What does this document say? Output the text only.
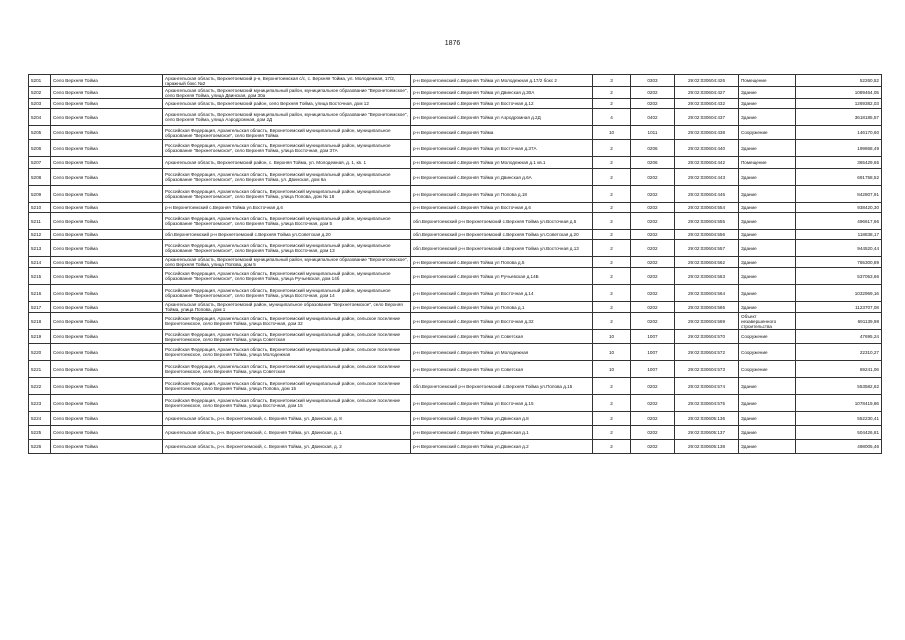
1876
5201	Село Верхняя Тойма	Архангельская область, Верхнетоемский р-н, Верхнетоемская с/с, с. Верхняя Тойма, ул. Молодежная, 17/2, гаражный бокс №2	р-н Верхнетоемский с.Верхняя Тойма ул Молодежная д.17/2 бокс 2	3	0303	29:02:030604:426	Помещение	52260,52
5202	Село Верхняя Тойма	Архангельская область, Верхнетоемский муниципальный район, муниципальное образование "Верхнетоемское", село Верхняя Тойма, улица Двинская, дом 30а	р-н Верхнетоемский с.Верхняя Тойма ул Двинская д.30А	2	0202	29:02:030604:427	Здание	1089464,05
5203	Село Верхняя Тойма	Архангельская область, Верхнетоемский район, село Верхняя Тойма, улица Восточная, дом 12	р-н Верхнетоемский с.Верхняя Тойма ул Восточная д.12	2	0202	29:02:030604:432	Здание	1269382,03
5204	Село Верхняя Тойма	Архангельская область, Верхнетоемский муниципальный район, муниципальное образование "Верхнетоемское", село Верхняя Тойма, улица Аэродромная, дом 2Д	р-н Верхнетоемский с.Верхняя Тойма ул Аэродромная д.2Д	4	0402	29:02:030604:437	Здание	3618185,57
5205	Село Верхняя Тойма	Российская Федерация, Архангельская область, Верхнетоемский муниципальный район, муниципальное образование "Верхнетоемское", село Верхняя Тойма	р-н Верхнетоемский с.Верхняя Тойма	10	1011	29:02:030604:438	Сооружение	146170,60
5206	Село Верхняя Тойма	Российская Федерация, Архангельская область, Верхнетоемский муниципальный район, муниципальное образование "Верхнетоемское", село Верхняя Тойма, улица Восточная, дом 37А	р-н Верхнетоемский с.Верхняя Тойма ул Восточная д.37А	2	0206	29:02:030604:440	Здание	199868,49
5207	Село Верхняя Тойма	Архангельская область, Верхнетоемский район, с. Верхняя Тойма, ул. Молодежная, д. 1, кв. 1	р-н Верхнетоемский с.Верхняя Тойма ул Молодежная д.1 кв.1	2	0206	29:02:030604:442	Помещение	365429,65
5208	Село Верхняя Тойма	Российская Федерация, Архангельская область, Верхнетоемский муниципальный район, муниципальное образование "Верхнетоемское", село Верхняя Тойма, ул. Двинская, дом 6а	р-н Верхнетоемский с.Верхняя Тойма ул Двинская д.6А	2	0202	29:02:030604:443	Здание	691758,52
5209	Село Верхняя Тойма	Российская Федерация, Архангельская область, Верхнетоемский муниципальный район, муниципальное образование "Верхнетоемское", село Верхняя Тойма, улица Попова, дом № 18	р-н Верхнетоемский с.Верхняя Тойма ул Попова д.18	2	0202	29:02:030604:446	Здание	842807,91
5210	Село Верхняя Тойма	р-н Верхнетоемский с.Верхняя Тойма ул.Восточная д.6	р-н Верхнетоемский с.Верхняя Тойма ул Восточная д.6	2	0202	29:02:030604:554	Здание	938420,30
5211	Село Верхняя Тойма	Российская Федерация, Архангельская область, Верхнетоемский муниципальный район, муниципальное образование "Верхнетоемское", село Верхняя Тойма, улица Восточная, дом 5	обл.Верхнетоемский р-н Верхнетоемский с.Верхняя Тойма ул.Восточная д.5	2	0202	29:02:030604:555	Здание	496617,66
5212	Село Верхняя Тойма	обл.Верхнетоемский р-н Верхнетоемский с.Верхняя Тойма ул.Советская д.20	обл.Верхнетоемский р-н Верхнетоемский с.Верхняя Тойма ул.Советская д.20	2	0202	29:02:030604:556	Здание	118838,17
5213	Село Верхняя Тойма	Российская Федерация, Архангельская область, Верхнетоемский муниципальный район, муниципальное образование "Верхнетоемское", село Верхняя Тойма, улица Восточная, дом 13	обл.Верхнетоемский р-н Верхнетоемский с.Верхняя Тойма ул.Восточная д.13	2	0202	29:02:030604:557	Здание	944520,44
5214	Село Верхняя Тойма	Архангельская область, Верхнетоемский муниципальный район, муниципальное образование "Верхнетоемское", село Верхняя Тойма, улица Попова, дом 5	р-н Верхнетоемский с.Верхняя Тойма ул Попова д.5	2	0202	29:02:030604:562	Здание	765300,89
5215	Село Верхняя Тойма	Российская Федерация, Архангельская область, Верхнетоемский муниципальный район, муниципальное образование "Верхнетоемское", село Верхняя Тойма, улица Ручьевская, дом 14б	р-н Верхнетоемский с.Верхняя Тойма ул Ручьевская д.14Б	2	0202	29:02:030604:563	Здание	537053,66
5216	Село Верхняя Тойма	Российская Федерация, Архангельская область, Верхнетоемский муниципальный район, муниципальное образование "Верхнетоемское", село Верхняя Тойма, улица Восточная, дом 14	р-н Верхнетоемский с.Верхняя Тойма ул Восточная д.14	2	0202	29:02:030604:564	Здание	1032969,16
5217	Село Верхняя Тойма	Архангельская область, Верхнетоемский район, муниципальное образование "Верхнетоемское", село Верхняя Тойма, улица Попова, дом 1	р-н Верхнетоемский с.Верхняя Тойма ул Попова д.1	2	0202	29:02:030604:565	Здание	1123707,08
5218	Село Верхняя Тойма	Российская Федерация, Архангельская область, Верхнетоемский муниципальный район, сельское поселение Верхнетоемское, село Верхняя Тойма, улица Восточная, дом 32	р-н Верхнетоемский с.Верхняя Тойма ул Восточная д.32	2	0202	29:02:030604:569	Объект незавершенного строительства	691139,98
5219	Село Верхняя Тойма	Российская Федерация, Архангельская область, Верхнетоемский муниципальный район, сельское поселение Верхнетоемское, село Верхняя Тойма, улица Советская	р-н Верхнетоемский с.Верхняя Тойма ул Советская	10	1007	29:02:030604:570	Сооружение	47695,24
5220	Село Верхняя Тойма	Российская Федерация, Архангельская область, Верхнетоемский муниципальный район, сельское поселение Верхнетоемское, село Верхняя Тойма, улица Молодежная	р-н Верхнетоемский с.Верхняя Тойма ул Молодежная	10	1007	29:02:030604:572	Сооружение	22310,27
5221	Село Верхняя Тойма	Российская Федерация, Архангельская область, Верхнетоемский муниципальный район, сельское поселение Верхнетоемское, село Верхняя Тойма, улица Советская	р-н Верхнетоемский с.Верхняя Тойма ул Советская	10	1007	29:02:030604:573	Сооружение	69241,06
5222	Село Верхняя Тойма	Российская Федерация, Архангельская область, Верхнетоемский муниципальный район, сельское поселение Верхнетоемское, село Верхняя Тойма, улица Попова, дом 15	обл.Верхнетоемский р-н Верхнетоемский с.Верхняя Тойма ул.Попова д.15	2	0202	29:02:030604:574	Здание	553582,62
5223	Село Верхняя Тойма	Российская Федерация, Архангельская область, Верхнетоемский муниципальный район, сельское поселение Верхнетоемское, село Верхняя Тойма, улица Восточная, дом 15	р-н Верхнетоемский с.Верхняя Тойма ул Восточная д.15	2	0202	29:02:030604:575	Здание	1078419,86
5224	Село Верхняя Тойма	Архангельская область, р-н. Верхнетоемский, с. Верхняя Тойма, ул. Двинская, д. 8	р-н Верхнетоемский с.Верхняя Тойма ул.Двинская д.8	2	0202	29:02:030605:136	Здание	552230,41
5225	Село Верхняя Тойма	Архангельская область, р-н. Верхнетоемский, с. Верхняя Тойма, ул. Двинская, д. 1	р-н Верхнетоемский с.Верхняя Тойма ул.Двинская д.1	2	0202	29:02:030605:137	Здание	504426,81
5226	Село Верхняя Тойма	Архангельская область, р-н. Верхнетоемский, с. Верхняя Тойма, ул. Двинская, д. 2	р-н Верхнетоемский с.Верхняя Тойма ул.Двинская д.2	2	0202	29:02:030605:138	Здание	498005,46
